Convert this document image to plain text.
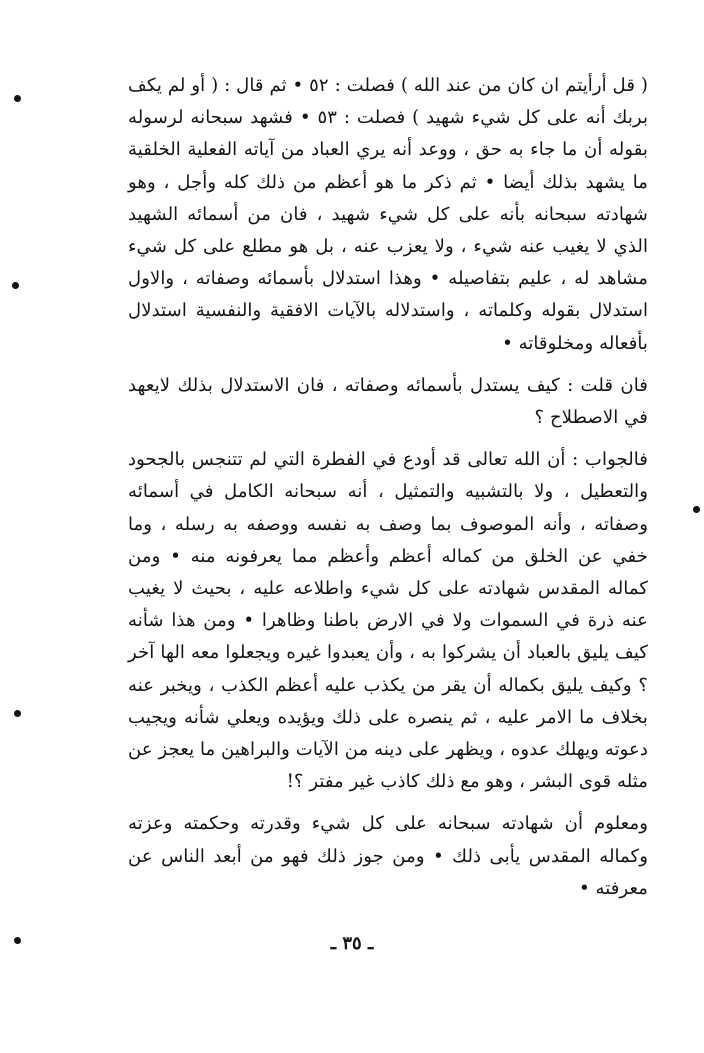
( قل أرأيتم ان كان من عند الله ) فصلت : ٥٢ • ثم قال : ( أو لم يكف بربك أنه على كل شيء شهيد ) فصلت : ٥٣ • فشهد سبحانه لرسوله بقوله أن ما جاء به حق ، ووعد أنه يري العباد من آياته الفعلية الخلقية ما يشهد بذلك أيضا • ثم ذكر ما هو أعظم من ذلك كله وأجل ، وهو شهادته سبحانه بأنه على كل شيء شهيد ، فان من أسمائه الشهيد الذي لا يغيب عنه شيء ، ولا يعزب عنه ، بل هو مطلع على كل شيء مشاهد له ، عليم بتفاصيله • وهذا استدلال بأسمائه وصفاته ، والاول استدلال بقوله وكلماته ، واستدلاله بالآيات الافقية والنفسية استدلال بأفعاله ومخلوقاته •

فان قلت : كيف يستدل بأسمائه وصفاته ، فان الاستدلال بذلك لايعهد في الاصطلاح ؟

فالجواب : أن الله تعالى قد أودع في الفطرة التي لم تتنجس بالجحود والتعطيل ، ولا بالتشبيه والتمثيل ، أنه سبحانه الكامل في أسمائه وصفاته ، وأنه الموصوف بما وصف به نفسه ووصفه به رسله ، وما خفي عن الخلق من كماله أعظم وأعظم مما يعرفونه منه • ومن كماله المقدس شهادته على كل شيء واطلاعه عليه ، بحيث لا يغيب عنه ذرة في السموات ولا في الارض باطنا وظاهرا • ومن هذا شأنه كيف يليق بالعباد أن يشركوا به ، وأن يعبدوا غيره ويجعلوا معه الها آخر ؟ وكيف يليق بكماله أن يقر من يكذب عليه أعظم الكذب ، ويخبر عنه بخلاف ما الامر عليه ، ثم ينصره على ذلك ويؤيده ويعلي شأنه ويجيب دعوته ويهلك عدوه ، ويظهر على دينه من الآيات والبراهين ما يعجز عن مثله قوى البشر ، وهو مع ذلك كاذب غير مفتر ؟!

ومعلوم أن شهادته سبحانه على كل شيء وقدرته وحكمته وعزته وكماله المقدس يأبى ذلك • ومن جوز ذلك فهو من أبعد الناس عن معرفته •

ـ ٣٥ ـ
